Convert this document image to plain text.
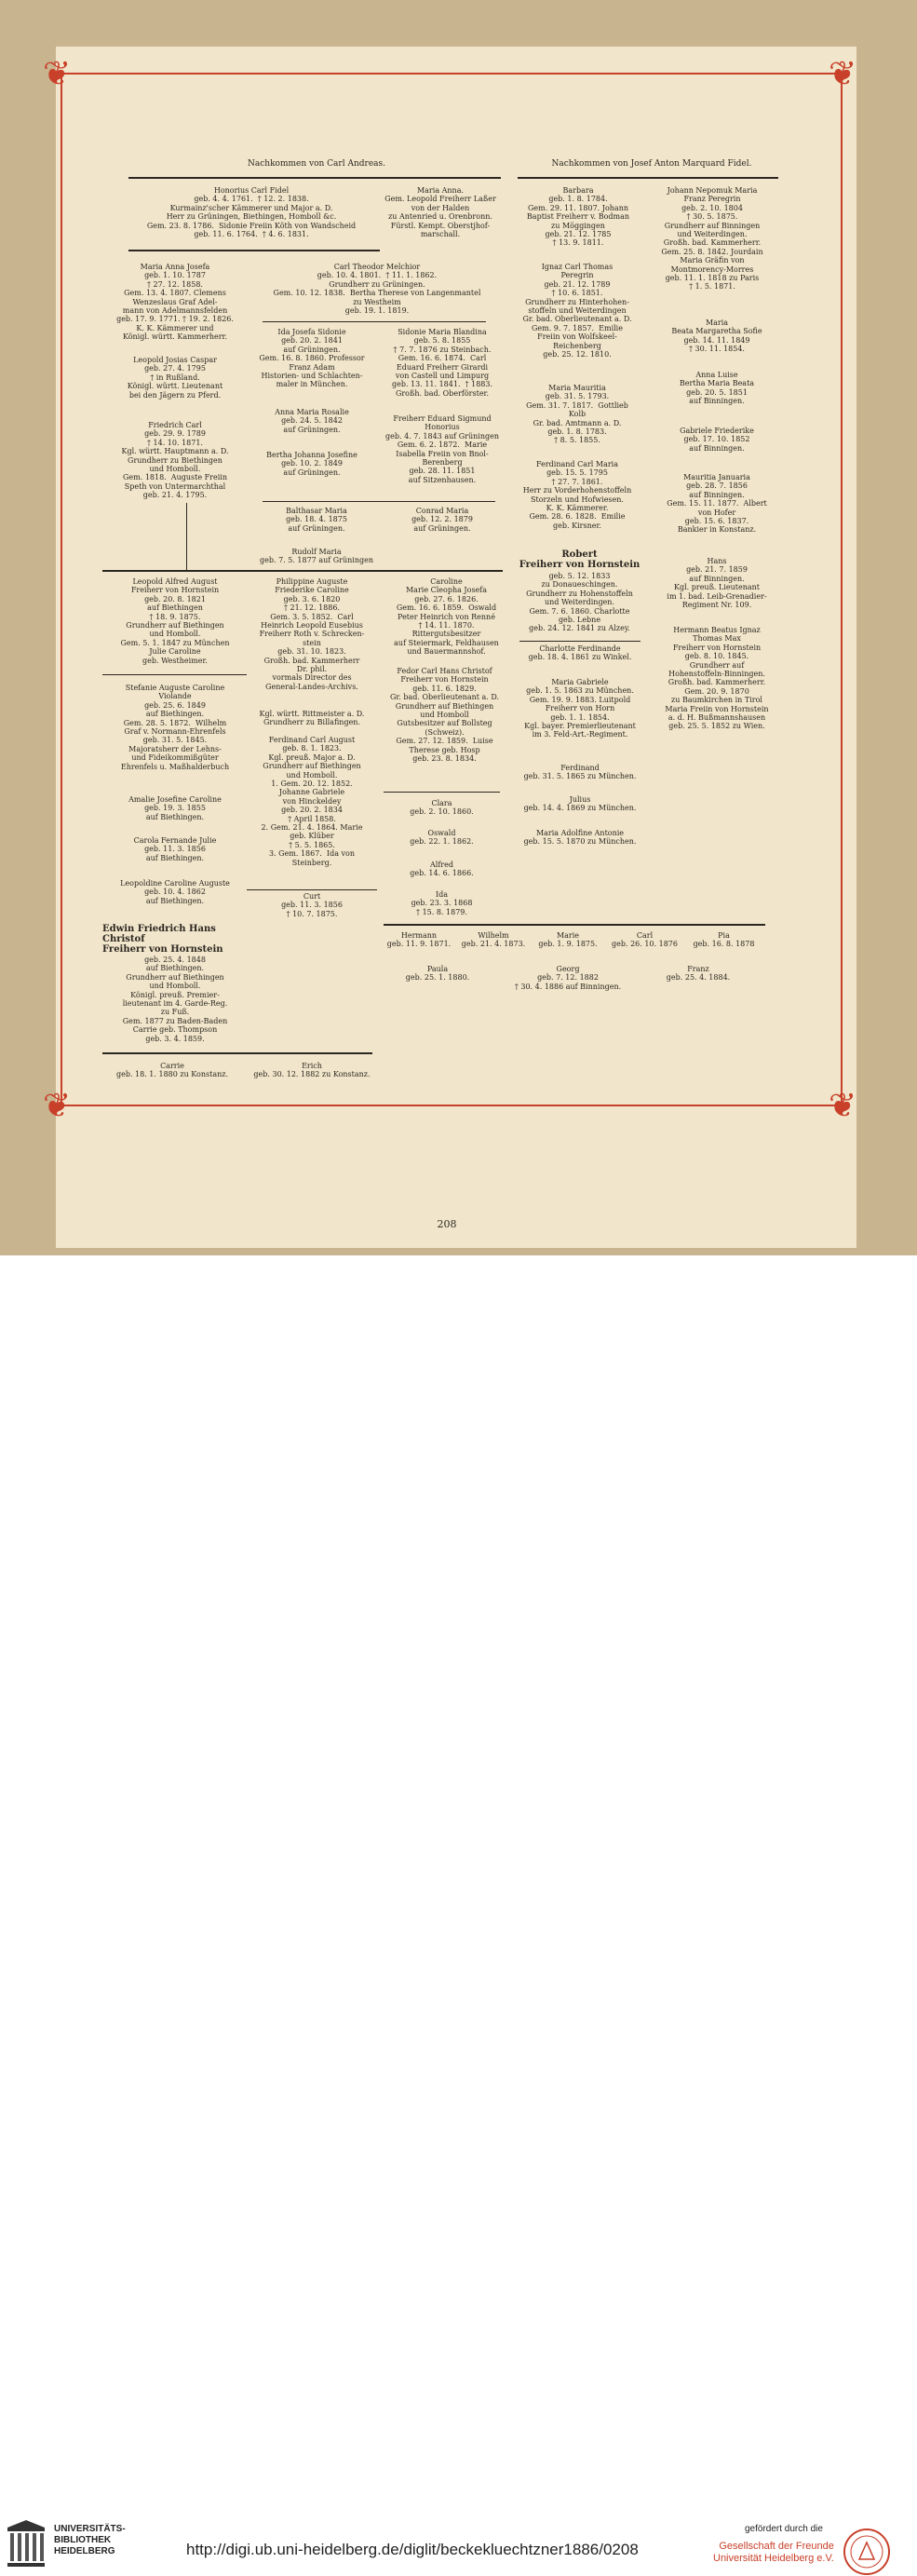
❦	❦
❦	❦
Nachkommen von Carl Andreas.	Nachkommen von Josef Anton Marquard Fidel.
Honorius Carl Fidel
geb. 4. 4. 1761.  † 12. 2. 1838.
Kurmainz'scher Kämmerer und Major a. D.
Herr zu Grüningen, Biethingen, Homboll &c.
Gem. 23. 8. 1786.  Sidonie Freiin Köth von Wandscheid
geb. 11. 6. 1764.  † 4. 6. 1831.
Maria Anna.
Gem. Leopold Freiherr Laßer
von der Halden
zu Antenried u. Orenbronn.
Fürstl. Kempt. Oberstjhof-
marschall.
Barbara
geb. 1. 8. 1784.
Gem. 29. 11. 1807. Johann
Baptist Freiherr v. Bodman
zu Möggingen
geb. 21. 12. 1785
† 13. 9. 1811.
Johann Nepomuk Maria
Franz Peregrin
geb. 2. 10. 1804
† 30. 5. 1875.
Grundherr auf Binningen
und Weiterdingen.
Großh. bad. Kammerherr.
Gem. 25. 8. 1842. Jourdain
Maria Gräfin von
Montmorency-Morres
geb. 11. 1. 1818 zu Paris
† 1. 5. 1871.
Maria Anna Josefa
geb. 1. 10. 1787
† 27. 12. 1858.
Gem. 13. 4. 1807. Clemens
Wenzeslaus Graf Adel-
mann von Adelmannsfelden
geb. 17. 9. 1771. † 19. 2. 1826.
K. K. Kämmerer und
Königl. württ. Kammerherr.
Carl Theodor Melchior
geb. 10. 4. 1801.  † 11. 1. 1862.
Grundherr zu Grüningen.
Gem. 10. 12. 1838.  Bertha Therese von Langenmantel
zu Westheim
geb. 19. 1. 1819.
Ignaz Carl Thomas
Peregrin
geb. 21. 12. 1789
† 10. 6. 1851.
Grundherr zu Hinterhohen-
stoffeln und Weiterdingen
Gr. bad. Oberlieutenant a. D.
Gem. 9. 7. 1857.  Emilie
Freiin von Wolfskeel-
Reichenberg
geb. 25. 12. 1810.
Maria
Beata Margaretha Sofie
geb. 14. 11. 1849
† 30. 11. 1854.
Leopold Josias Caspar
geb. 27. 4. 1795
† in Rußland.
Königl. württ. Lieutenant
bei den Jägern zu Pferd.
Ida Josefa Sidonie
geb. 20. 2. 1841
auf Grüningen.
Gem. 16. 8. 1860. Professor
Franz Adam
Historien- und Schlachten-
maler in München.
Sidonie Maria Blandina
geb. 5. 8. 1855
† 7. 7. 1876 zu Steinbach.
Gem. 16. 6. 1874.  Carl
Eduard Freiherr Girardi
von Castell und Limpurg
geb. 13. 11. 1841.  † 1883.
Großh. bad. Oberförster.
Maria Mauritia
geb. 31. 5. 1793.
Gem. 31. 7. 1817.  Gottlieb
Kolb
Gr. bad. Amtmann a. D.
geb. 1. 8. 1783.
† 8. 5. 1855.
Anna Luise
Bertha Maria Beata
geb. 20. 5. 1851
auf Binningen.
Friedrich Carl
geb. 29. 9. 1789
† 14. 10. 1871.
Kgl. württ. Hauptmann a. D.
Grundherr zu Biethingen
und Homboll.
Gem. 1818.  Auguste Freiin
Speth von Untermarchthal
geb. 21. 4. 1795.
Anna Maria Rosalie
geb. 24. 5. 1842
auf Grüningen.
Freiherr Eduard Sigmund
Honorius
geb. 4. 7. 1843 auf Grüningen
Gem. 6. 2. 1872.  Marie
Isabella Freiin von Bnol-
Berenberg
geb. 28. 11. 1851
auf Sitzenhausen.
Gabriele Friederike
geb. 17. 10. 1852
auf Binningen.
Bertha Johanna Josefine
geb. 10. 2. 1849
auf Grüningen.
Ferdinand Carl Maria
geb. 15. 5. 1795
† 27. 7. 1861.
Herr zu Vorderhohenstoffeln
Storzeln und Hofwiesen.
K. K. Kämmerer.
Gem. 28. 6. 1828.  Emilie
geb. Kirsner.
Mauritia Januaria
geb. 28. 7. 1856
auf Binningen.
Gem. 15. 11. 1877.  Albert
von Hofer
geb. 15. 6. 1837.
Bankier in Konstanz.
Balthasar Maria
geb. 18. 4. 1875
auf Grüningen.
Conrad Maria
geb. 12. 2. 1879
auf Grüningen.
Rudolf Maria
geb. 7. 5. 1877 auf Grüningen
Robert
Freiherr von Hornstein
geb. 5. 12. 1833
zu Donaueschingen.
Grundherr zu Hohenstoffeln
und Weiterdingen.
Gem. 7. 6. 1860. Charlotte
geb. Lebne
geb. 24. 12. 1841 zu Alzey.
Hans
geb. 21. 7. 1859
auf Binningen.
Kgl. preuß. Lieutenant
im 1. bad. Leib-Grenadier-
Regiment Nr. 109.
Leopold Alfred August
Freiherr von Hornstein
geb. 20. 8. 1821
auf Biethingen
† 18. 9. 1875.
Grundherr auf Biethingen
und Homboll.
Gem. 5. 1. 1847 zu München
Julie Caroline
geb. Westheimer.
Philippine Auguste
Friederike Caroline
geb. 3. 6. 1820
† 21. 12. 1886.
Gem. 3. 5. 1852.  Carl
Heinrich Leopold Eusebius
Freiherr Roth v. Schrecken-
stein
geb. 31. 10. 1823.
Großh. bad. Kammerherr
Dr. phil.
vormals Director des
General-Landes-Archivs.
Caroline
Marie Cleopha Josefa
geb. 27. 6. 1826.
Gem. 16. 6. 1859.  Oswald
Peter Heinrich von Renné
† 14. 11. 1870.
Rittergutsbesitzer
auf Steiermark, Feldhausen
und Bauermannshof.	Charlotte Ferdinande
geb. 18. 4. 1861 zu Winkel.
Hermann Beatus Ignaz
Thomas Max
Freiherr von Hornstein
geb. 8. 10. 1845.
Grundherr auf
Hohenstoffeln-Binningen.
Großh. bad. Kammerherr.
Gem. 20. 9. 1870
zu Baumkirchen in Tirol
Maria Freiin von Hornstein
a. d. H. Bußmannshausen
geb. 25. 5. 1852 zu Wien.
Stefanie Auguste Caroline
Violande
geb. 25. 6. 1849
auf Biethingen.
Gem. 28. 5. 1872.  Wilhelm
Graf v. Normann-Ehrenfels
geb. 31. 5. 1845.
Majoratsherr der Lehns-
und Fideikommißgüter
Ehrenfels u. Maßhalderbuch
Fedor Carl Hans Christof
Freiherr von Hornstein
geb. 11. 6. 1829.
Gr. bad. Oberlieutenant a. D.
Grundherr auf Biethingen
und Homboll
Gutsbesitzer auf Bollsteg
(Schweiz).
Gem. 27. 12. 1859.  Luise
Therese geb. Hosp
geb. 23. 8. 1834.
Maria Gabriele
geb. 1. 5. 1863 zu München.
Gem. 19. 9. 1883. Luitpold
Freiherr von Horn
geb. 1. 1. 1854.
Kgl. bayer. Premierlieutenant
im 3. Feld-Art.-Regiment.
Kgl. württ. Rittmeister a. D.
Grundherr zu Billafingen.
Ferdinand Carl August
geb. 8. 1. 1823.
Kgl. preuß. Major a. D.
Grundherr auf Biethingen
und Homboll.
1. Gem. 20. 12. 1852.
Johanne Gabriele
von Hinckeldey
geb. 20. 2. 1834
† April 1858.
2. Gem. 21. 4. 1864. Marie
geb. Klüber
† 5. 5. 1865.
3. Gem. 1867.  Ida von
Steinberg.
Ferdinand
geb. 31. 5. 1865 zu München.
Amalie Josefine Caroline
geb. 19. 3. 1855
auf Biethingen.
Clara
geb. 2. 10. 1860.
Julius
geb. 14. 4. 1869 zu München.
Carola Fernande Julie
geb. 11. 3. 1856
auf Biethingen.
Oswald
geb. 22. 1. 1862.
Maria Adolfine Antonie
geb. 15. 5. 1870 zu München.
Alfred
geb. 14. 6. 1866.
Leopoldine Caroline Auguste
geb. 10. 4. 1862
auf Biethingen.
Curt
geb. 11. 3. 1856
† 10. 7. 1875.
Ida
geb. 23. 3. 1868
† 15. 8. 1879.
Edwin Friedrich Hans
Christof
Freiherr von Hornstein
geb. 25. 4. 1848
auf Biethingen.
Grundherr auf Biethingen
und Homboll.
Königl. preuß. Premier-
lieutenant im 4. Garde-Reg.
zu Fuß.
Gem. 1877 zu Baden-Baden
Carrie geb. Thompson
geb. 3. 4. 1859.
Hermann
geb. 11. 9. 1871.
Wilhelm
geb. 21. 4. 1873.
Marie
geb. 1. 9. 1875.
Carl
geb. 26. 10. 1876
Pia
geb. 16. 8. 1878
Paula
geb. 25. 1. 1880.
Georg
geb. 7. 12. 1882
† 30. 4. 1886 auf Binningen.
Franz
geb. 25. 4. 1884.
Carrie
geb. 18. 1. 1880 zu Konstanz.
Erich
geb. 30. 12. 1882 zu Konstanz.
208
UNIVERSITÄTS-
BIBLIOTHEK
HEIDELBERG	http://digi.ub.uni-heidelberg.de/diglit/beckekluechtzner1886/0208
gefördert durch die
Gesellschaft der Freunde
Universität Heidelberg e.V.
